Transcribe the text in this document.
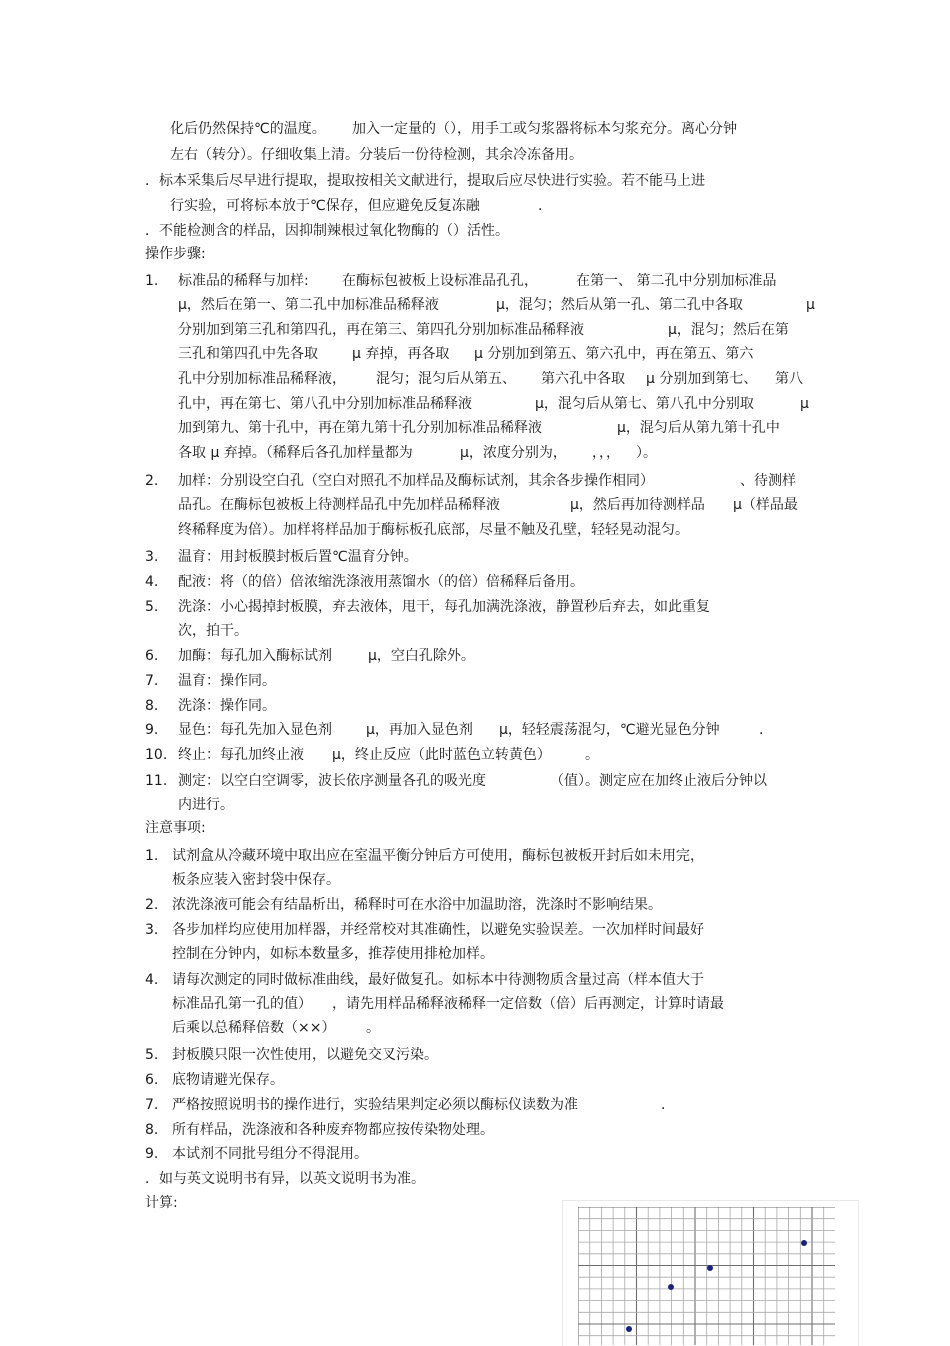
化后仍然保持℃的温度。 加入一定量的（），用手工或匀浆器将标本匀浆充分。离心分钟
左右（转分）。仔细收集上清。分装后一份待检测，其余冷冻备用。
．标本采集后尽早进行提取，提取按相关文献进行，提取后应尽快进行实验。若不能马上进
行实验，可将标本放于℃保存，但应避免反复冻融	.
．不能检测含的样品，因抑制辣根过氧化物酶的（）活性。
操作步骤:
1. 标准品的稀释与加样: 在酶标包被板上设标准品孔孔，	在第一、 第二孔中分别加标准品
μ，然后在第一、第二孔中加标准品稀释液	μ，混匀；然后从第一孔、第二孔中各取	μ
分别加到第三孔和第四孔，再在第三、第四孔分别加标准品稀释液	μ，混匀；然后在第
三孔和第四孔中先各取 μ 弃掉，再各取 μ 分别加到第五、第六孔中，再在第五、第六
孔中分别加标准品稀释液， 混匀；混匀后从第五、 第六孔中各取 μ 分别加到第七、 第八
孔中，再在第七、第八孔中分别加标准品稀释液	μ，混匀后从第七、第八孔中分别取	μ
加到第九、第十孔中，再在第九第十孔分别加标准品稀释液	μ，混匀后从第九第十孔中
各取 μ 弃掉。（稀释后各孔加样量都为	μ，浓度分别为， ，，， ）。
2. 加样：分别设空白孔（空白对照孔不加样品及酶标试剂，其余各步操作相同）	、待测样
品孔。在酶标包被板上待测样品孔中先加样品稀释液	μ，然后再加待测样品 μ（样品最
终稀释度为倍）。加样将样品加于酶标板孔底部，尽量不触及孔壁，轻轻晃动混匀。
3. 温育：用封板膜封板后置℃温育分钟。
4. 配液：将（的倍）倍浓缩洗涤液用蒸馏水（的倍）倍稀释后备用。
5. 洗涤：小心揭掉封板膜，弃去液体，甩干，每孔加满洗涤液，静置秒后弃去，如此重复
次，拍干。
6. 加酶：每孔加入酶标试剂	μ，空白孔除外。
7. 温育：操作同。
8. 洗涤：操作同。
9. 显色：每孔先加入显色剂 μ，再加入显色剂 μ，轻轻震荡混匀，℃避光显色分钟	.
10. 终止：每孔加终止液 μ，终止反应（此时蓝色立转黄色） 。
11. 测定：以空白空调零，波长依序测量各孔的吸光度	（值）。测定应在加终止液后分钟以
内进行。
注意事项:
1. 试剂盒从冷藏环境中取出应在室温平衡分钟后方可使用，酶标包被板开封后如未用完，
板条应装入密封袋中保存。
2. 浓洗涤液可能会有结晶析出，稀释时可在水浴中加温助溶，洗涤时不影响结果。
3. 各步加样均应使用加样器，并经常校对其准确性，以避免实验误差。一次加样时间最好
控制在分钟内，如标本数量多，推荐使用排枪加样。
4. 请每次测定的同时做标准曲线，最好做复孔。如标本中待测物质含量过高（样本值大于
标准品孔第一孔的值） ，请先用样品稀释液稀释一定倍数（倍）后再测定，计算时请最
后乘以总稀释倍数（××） 。
5. 封板膜只限一次性使用，以避免交叉污染。
6. 底物请避光保存。
7. 严格按照说明书的操作进行，实验结果判定必须以酶标仪读数为准	.
8. 所有样品，洗涤液和各种废弃物都应按传染物处理。
9. 本试剂不同批号组分不得混用。
．如与英文说明书有异，以英文说明书为准。
计算:
